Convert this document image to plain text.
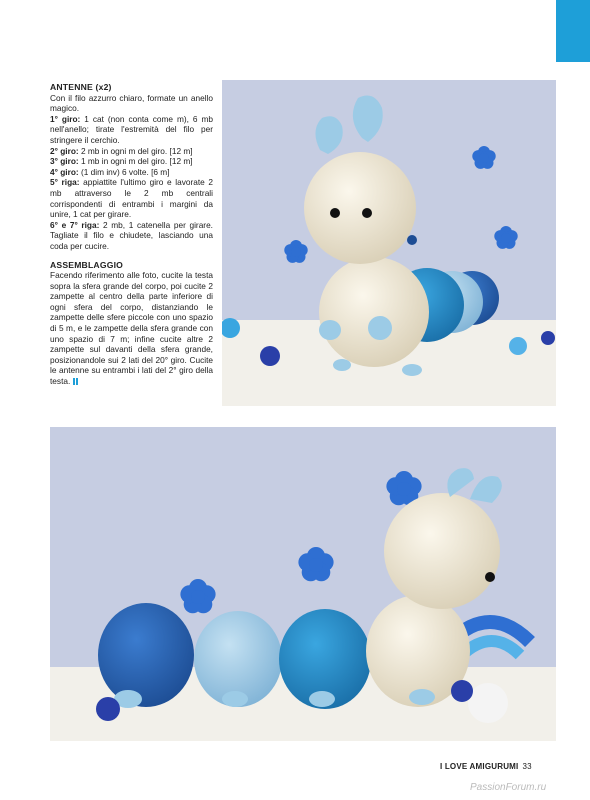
ANTENNE (x2)

Con il filo azzurro chiaro, formate un anello magico.

1° giro: 1 cat (non conta come m), 6 mb nell'anello; tirate l'estremità del filo per stringere il cerchio.

2° giro: 2 mb in ogni m del giro. [12 m]

3° giro: 1 mb in ogni m del giro. [12 m]

4° giro: (1 dim inv) 6 volte. [6 m]

5° riga: appiattite l'ultimo giro e lavorate 2 mb attraverso le 2 mb centrali corrispondenti di entrambi i margini da unire, 1 cat per girare.

6° e 7° riga: 2 mb, 1 catenella per girare. Tagliate il filo e chiudete, lasciando una coda per cucire.

ASSEMBLAGGIO

Facendo riferimento alle foto, cucite la testa sopra la sfera grande del corpo, poi cucite 2 zampette al centro della parte inferiore di ogni sfera del corpo, distanziando le zampette delle sfere piccole con uno spazio di 5 m, e le zampette della sfera grande con uno spazio di 7 m; infine cucite altre 2 zampette sul davanti della sfera grande, posizionandole sui 2 lati del 20° giro. Cucite le antenne su entrambi i lati del 2° giro della testa.

I LOVE AMIGURUMI 33
PassionForum.ru
